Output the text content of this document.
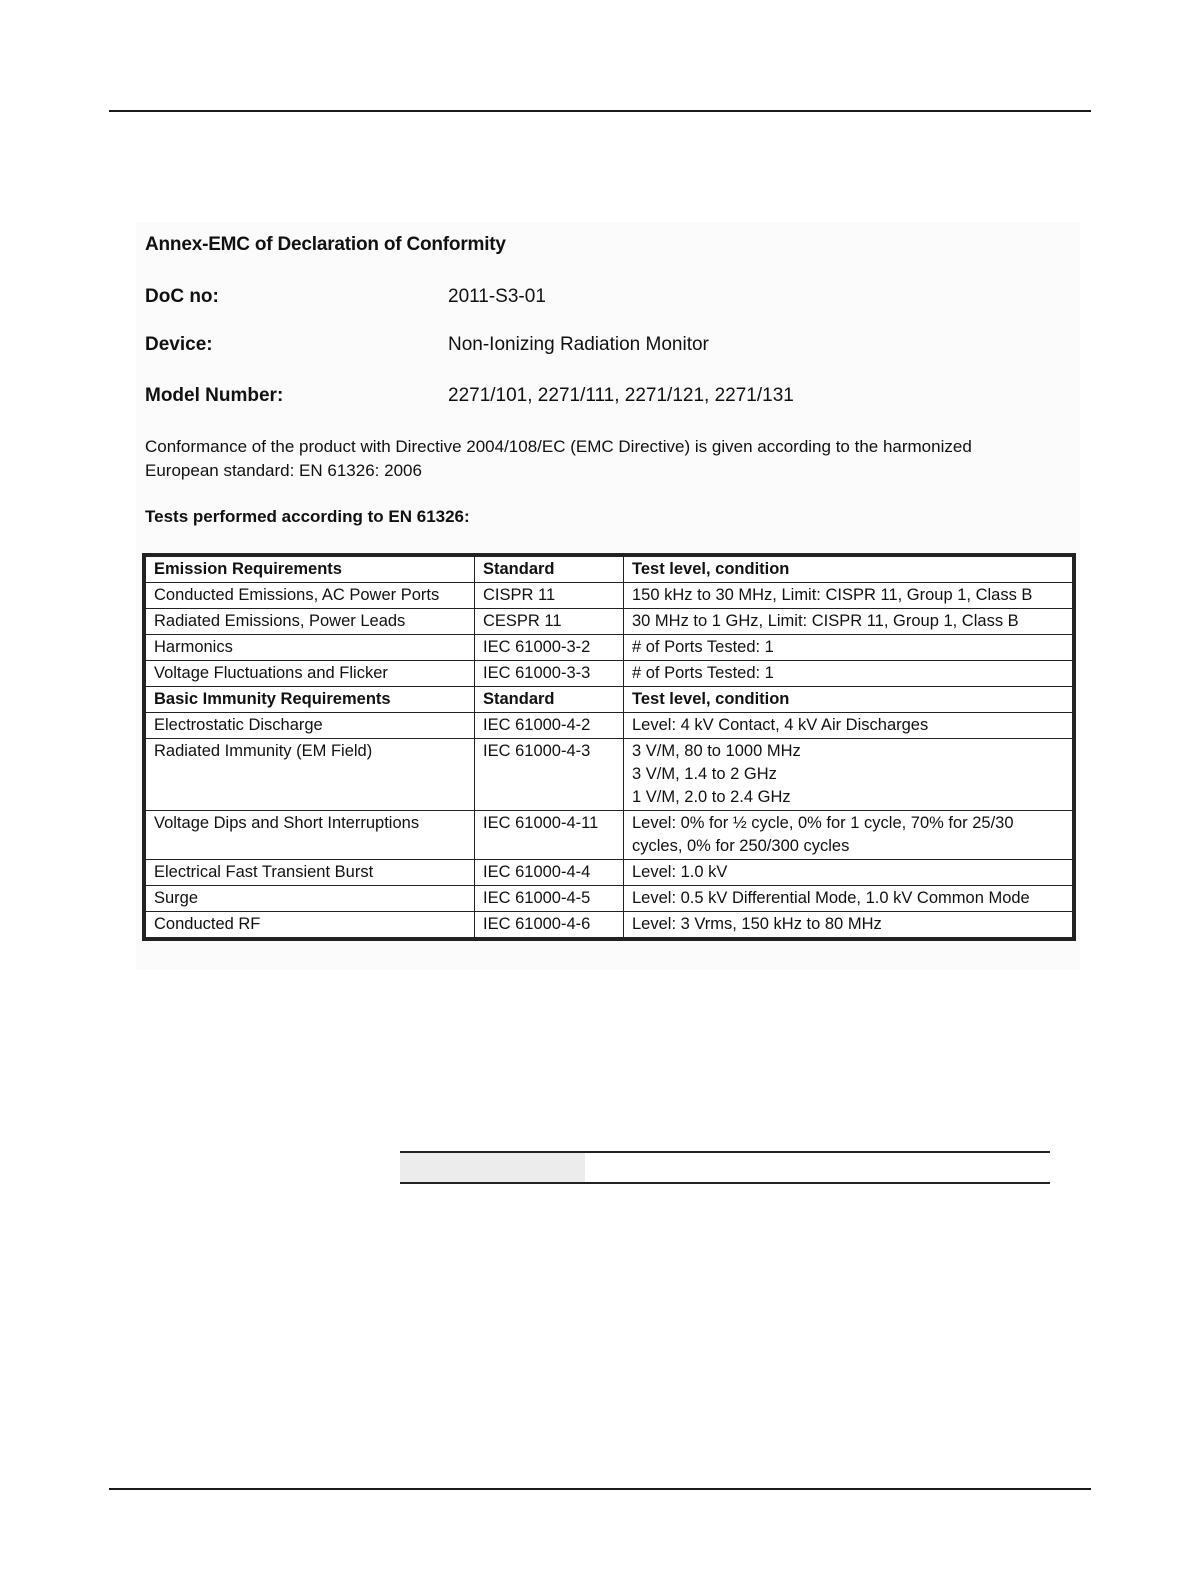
Annex-EMC of Declaration of Conformity
DoC no:	2011-S3-01
Device:	Non-Ionizing Radiation Monitor
Model Number:	2271/101, 2271/111, 2271/121, 2271/131
Conformance of the product with Directive 2004/108/EC (EMC Directive) is given according to the harmonized European standard: EN 61326: 2006
Tests performed according to EN 61326:
Emission Requirements	Standard	Test level, condition
Conducted Emissions, AC Power Ports	CISPR 11	150 kHz to 30 MHz, Limit: CISPR 11, Group 1, Class B
Radiated Emissions, Power Leads	CESPR 11	30 MHz to 1 GHz, Limit: CISPR 11, Group 1, Class B
Harmonics	IEC 61000-3-2	# of Ports Tested: 1
Voltage Fluctuations and Flicker	IEC 61000-3-3	# of Ports Tested: 1
Basic Immunity Requirements	Standard	Test level, condition
Electrostatic Discharge	IEC 61000-4-2	Level: 4 kV Contact, 4 kV Air Discharges
Radiated Immunity (EM Field)	IEC 61000-4-3	3 V/M, 80 to 1000 MHz
3 V/M, 1.4 to 2 GHz
1 V/M, 2.0 to 2.4 GHz
Voltage Dips and Short Interruptions	IEC 61000-4-11	Level: 0% for ½ cycle, 0% for 1 cycle, 70% for 25/30 cycles, 0% for 250/300 cycles
Electrical Fast Transient Burst	IEC 61000-4-4	Level: 1.0 kV
Surge	IEC 61000-4-5	Level: 0.5 kV Differential Mode, 1.0 kV Common Mode
Conducted RF	IEC 61000-4-6	Level: 3 Vrms, 150 kHz to 80 MHz
